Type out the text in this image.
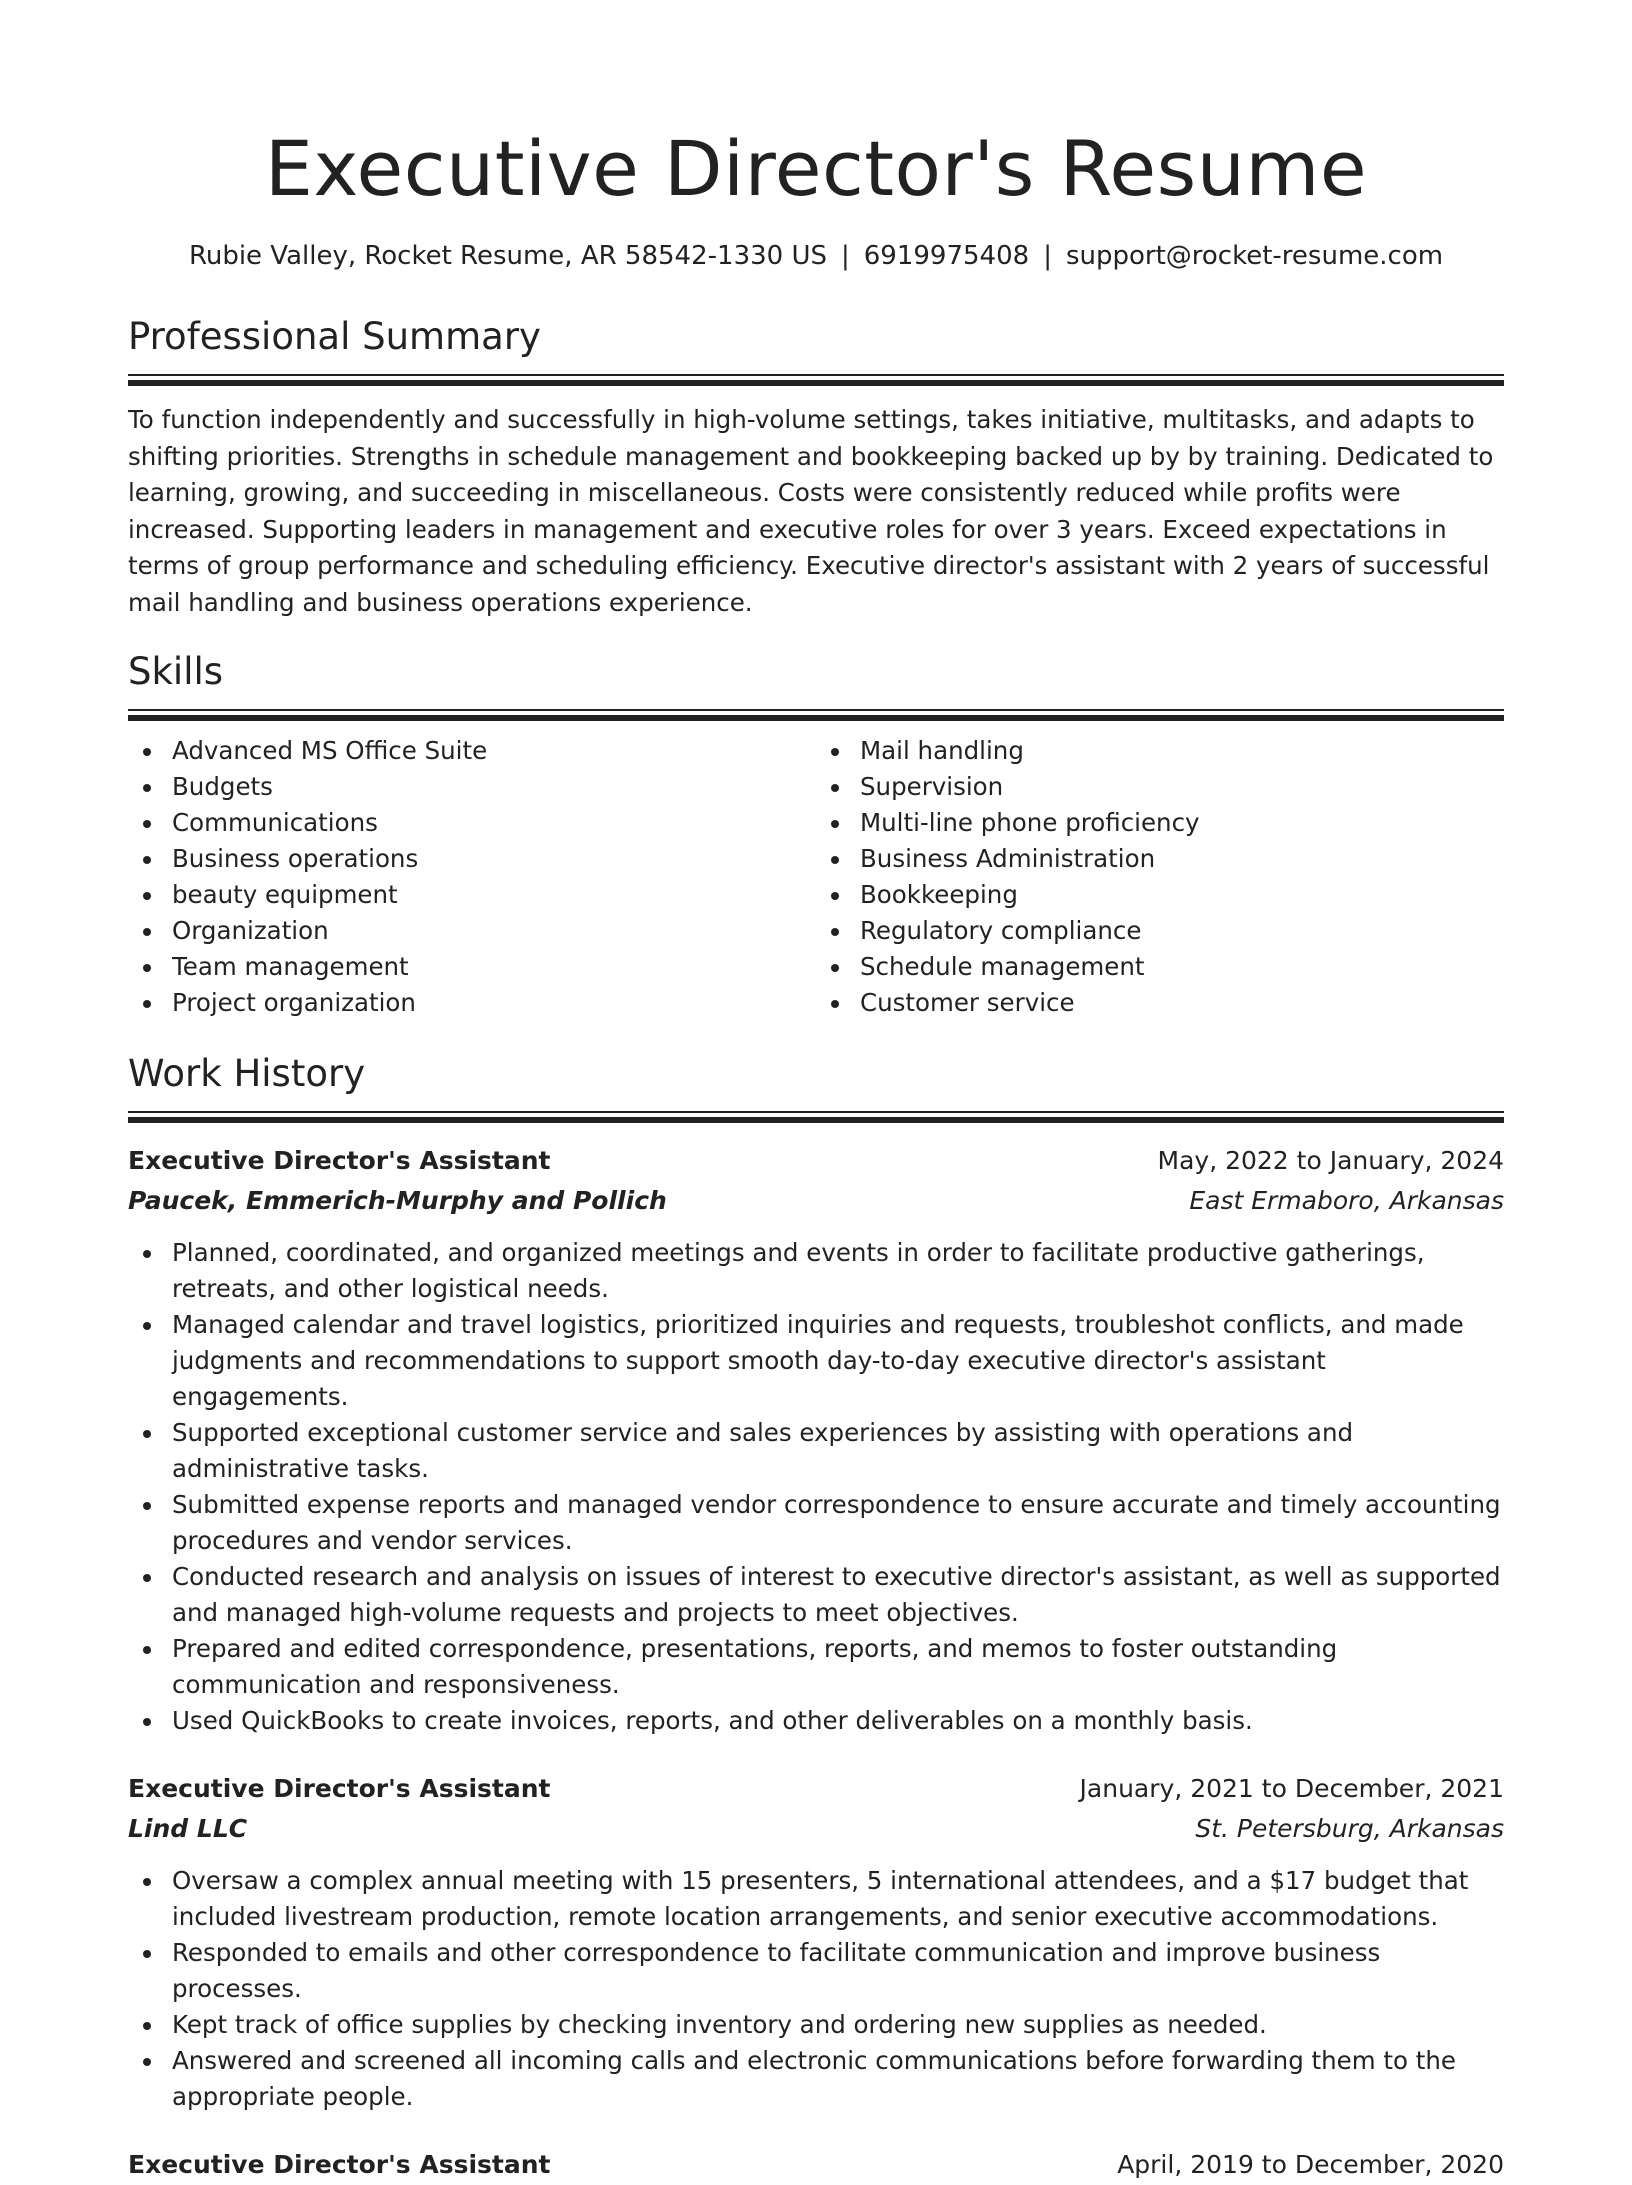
Executive Director's Resume
Rubie Valley, Rocket Resume, AR 58542-1330 US | 6919975408 | support@rocket-resume.com
Professional Summary

To function independently and successfully in high-volume settings, takes initiative, multitasks, and adapts to shifting priorities. Strengths in schedule management and bookkeeping backed up by by training. Dedicated to learning, growing, and succeeding in miscellaneous. Costs were consistently reduced while profits were increased. Supporting leaders in management and executive roles for over 3 years. Exceed expectations in terms of group performance and scheduling efficiency. Executive director's assistant with 2 years of successful mail handling and business operations experience.

Skills
Advanced MS Office Suite
Budgets
Communications
Business operations
beauty equipment
Organization
Team management
Project organization
Mail handling
Supervision
Multi-line phone proficiency
Business Administration
Bookkeeping
Regulatory compliance
Schedule management
Customer service
Work History
Executive Director's Assistant	May, 2022 to January, 2024
Paucek, Emmerich-Murphy and Pollich	East Ermaboro, Arkansas
Planned, coordinated, and organized meetings and events in order to facilitate productive gatherings, retreats, and other logistical needs.
Managed calendar and travel logistics, prioritized inquiries and requests, troubleshot conflicts, and made judgments and recommendations to support smooth day-to-day executive director's assistant engagements.
Supported exceptional customer service and sales experiences by assisting with operations and administrative tasks.
Submitted expense reports and managed vendor correspondence to ensure accurate and timely accounting procedures and vendor services.
Conducted research and analysis on issues of interest to executive director's assistant, as well as supported and managed high-volume requests and projects to meet objectives.
Prepared and edited correspondence, presentations, reports, and memos to foster outstanding communication and responsiveness.
Used QuickBooks to create invoices, reports, and other deliverables on a monthly basis.
Executive Director's Assistant	January, 2021 to December, 2021
Lind LLC	St. Petersburg, Arkansas
Oversaw a complex annual meeting with 15 presenters, 5 international attendees, and a $17 budget that included livestream production, remote location arrangements, and senior executive accommodations.
Responded to emails and other correspondence to facilitate communication and improve business processes.
Kept track of office supplies by checking inventory and ordering new supplies as needed.
Answered and screened all incoming calls and electronic communications before forwarding them to the appropriate people.
Executive Director's Assistant	April, 2019 to December, 2020
